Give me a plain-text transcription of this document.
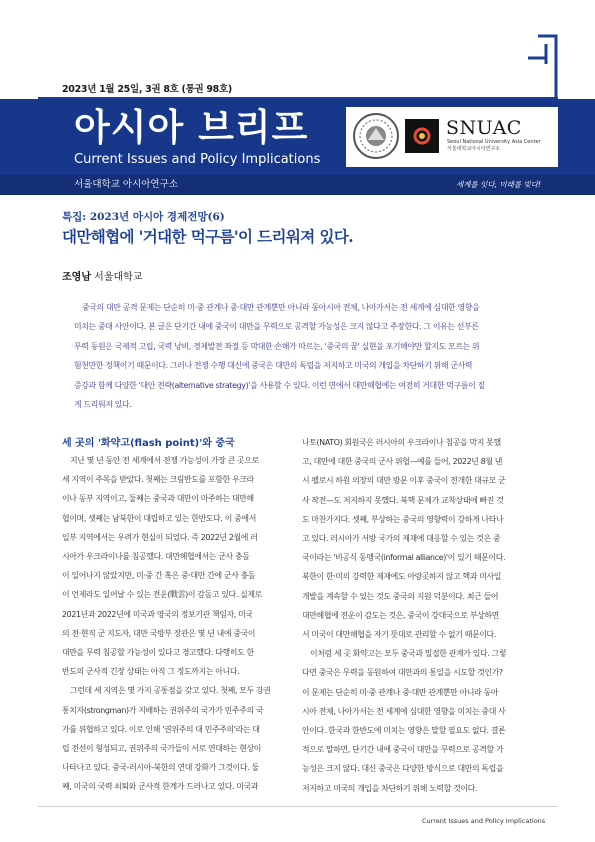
2023년 1월 25일, 3권 8호 (통권 98호)
아시아 브리프
Current Issues and Policy Implications
SNUAC
Seoul National University Asia Center
서울대학교아시아연구소
서울대학교 아시아연구소	세계를 잇다, 미래를 빚다!
특집: 2023년 아시아 경제전망(6)
대만해협에 '거대한 먹구름'이 드리워져 있다.
조영남 서울대학교
중국의 대만 공격 문제는 단순히 미·중 관계나 중·대만 관계뿐만 아니라 동아시아 전체, 나아가서는 전 세계에 심대한 영향을
미치는 중대 사안이다. 본 글은 단기간 내에 중국이 대만을 무력으로 공격할 가능성은 크지 않다고 주장한다. 그 이유는 선부른
무력 동원은 국제적 고립, 국력 낭비, 경제발전 좌절 등 막대한 손해가 따르는, '중국의 꿈' 실현을 포기해야만 할지도 모르는 위
험천만한 정책이기 때문이다. 그러나 전쟁 수행 대신에 중국은 대만의 독립을 저지하고 미국의 개입을 차단하기 위해 군사력
증강과 함께 다양한 '대안 전략(alternative strategy)'을 사용할 수 있다. 이런 면에서 대만해협에는 여전히 거대한 먹구름이 짙
게 드리워져 있다.
세 곳의 '화약고(flash point)'와 중국
지난 몇 년 동안 전 세계에서 전쟁 가능성이 가장 큰 곳으로
세 지역이 주목을 받았다. 첫째는 크림반도를 포함한 우크라
이나 동부 지역이고, 둘째는 중국과 대만이 마주하는 대만해
협이며, 셋째는 남북한이 대립하고 있는 한반도다. 이 중에서
일부 지역에서는 우려가 현실이 되었다. 즉 2022년 2월에 러
시아가 우크라이나를 침공했다. 대만해협에서는 군사 충돌
이 일어나지 않았지만, 미·중 간 혹은 중·대만 간에 군사 충돌
이 언제라도 일어날 수 있는 전운(戰雲)이 감돌고 있다. 실제로
2021년과 2022년에 미국과 영국의 정보기관 책임자, 미국
의 전·현직 군 지도자, 대만 국방부 장관은 몇 년 내에 중국이
대만을 무력 침공할 가능성이 있다고 경고했다. 다행히도 한
반도의 군사적 긴장 상태는 아직 그 정도까지는 아니다.
그런데 세 지역은 몇 가지 공통점을 갖고 있다. 첫째, 모두 강권
통치자(strongman)가 지배하는 권위주의 국가가 민주주의 국
가를 위협하고 있다. 이로 인해 '권위주의 대 민주주의'라는 대
립 전선이 형성되고, 권위주의 국가들이 서로 연대하는 현상이
나타나고 있다. 중국-러시아-북한의 연대 강화가 그것이다. 둘
째, 미국의 국력 쇠퇴와 군사적 한계가 드러나고 있다. 미국과
나토(NATO) 회원국은 러시아의 우크라이나 침공을 막지 못했
고, 대만에 대한 중국의 군사 위협—예를 들어, 2022년 8월 낸
시 펠로시 하원 의장의 대만 방문 이후 중국이 전개한 대규모 군
사 작전—도 저지하지 못했다. 북핵 문제가 교착상태에 빠진 것
도 마찬가지다. 셋째, 부상하는 중국의 영향력이 강하게 나타나
고 있다. 러시아가 서방 국가의 제재에 대응할 수 있는 것은 중
국이라는 '비공식 동맹국(informal alliance)'이 있기 때문이다.
북한이 한·미의 강력한 제재에도 아랑곳하지 않고 핵과 미사일
개발을 계속할 수 있는 것도 중국의 지원 덕분이다. 최근 들어
대만해협에 전운이 감도는 것은, 중국이 강대국으로 부상하면
서 미국이 대만해협을 자기 뜻대로 관리할 수 없기 때문이다.
이처럼 세 곳 화약고는 모두 중국과 밀접한 관계가 있다. 그렇
다면 중국은 무력을 동원하여 대만과의 통일을 시도할 것인가?
이 문제는 단순히 미·중 관계나 중·대만 관계뿐만 아니라 동아
시아 전체, 나아가서는 전 세계에 심대한 영향을 미치는 중대 사
안이다. 한국과 한반도에 미치는 영향은 말할 필요도 없다. 결론
적으로 말하면, 단기간 내에 중국이 대만을 무력으로 공격할 가
능성은 크지 않다. 대신 중국은 다양한 방식으로 대만의 독립을
저지하고 미국의 개입을 차단하기 위해 노력할 것이다.
Current Issues and Policy Implications
